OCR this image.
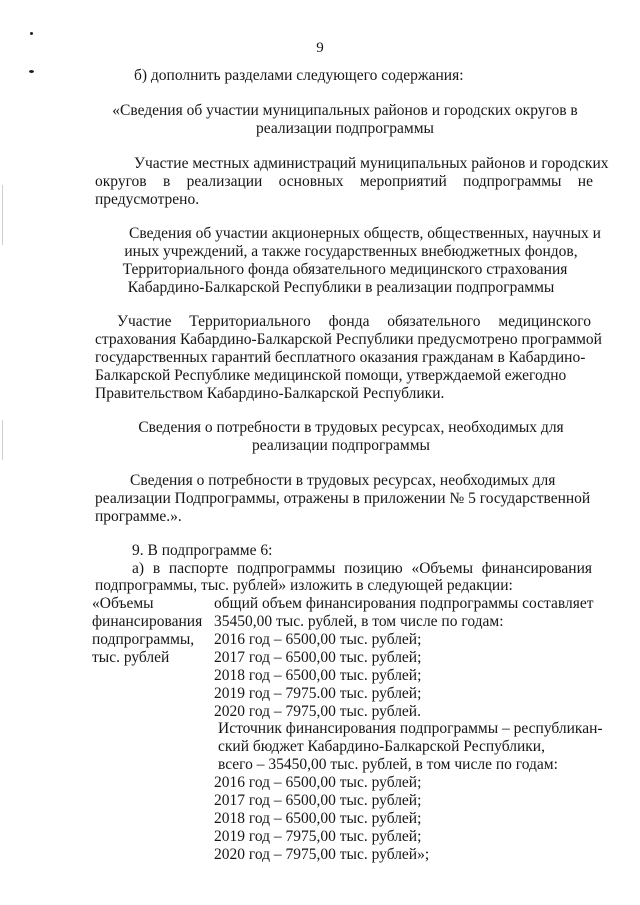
9
б) дополнить разделами следующего содержания:
«Сведения об участии муниципальных районов и городских округов в
реализации подпрограммы
Участие местных администраций муниципальных районов и городских
округов в реализации основных мероприятий подпрограммы не
предусмотрено.
Сведения об участии акционерных обществ, общественных, научных и
иных учреждений, а также государственных внебюджетных фондов,
Территориального фонда обязательного медицинского страхования
Кабардино-Балкарской Республики в реализации подпрограммы
Участие Территориального фонда обязательного медицинского
страхования Кабардино-Балкарской Республики предусмотрено программой
государственных гарантий бесплатного оказания гражданам в Кабардино-
Балкарской Республике медицинской помощи, утверждаемой ежегодно
Правительством Кабардино-Балкарской Республики.
Сведения о потребности в трудовых ресурсах, необходимых для
реализации подпрограммы
Сведения о потребности в трудовых ресурсах, необходимых для
реализации Подпрограммы, отражены в приложении № 5 государственной
программе.».
9. В подпрограмме 6:
а) в паспорте подпрограммы позицию «Объемы финансирования
подпрограммы, тыс. рублей» изложить в следующей редакции:
«Объемы
финансирования
подпрограммы,
тыс. рублей
общий объем финансирования подпрограммы составляет
35450,00 тыс. рублей, в том числе по годам:
2016 год – 6500,00 тыс. рублей;
2017 год – 6500,00 тыс. рублей;
2018 год – 6500,00 тыс. рублей;
2019 год – 7975.00 тыс. рублей;
2020 год – 7975,00 тыс. рублей.
Источник финансирования подпрограммы – республикан-
ский бюджет Кабардино-Балкарской Республики,
всего – 35450,00 тыс. рублей, в том числе по годам:
2016 год – 6500,00 тыс. рублей;
2017 год – 6500,00 тыс. рублей;
2018 год – 6500,00 тыс. рублей;
2019 год – 7975,00 тыс. рублей;
2020 год – 7975,00 тыс. рублей»;
